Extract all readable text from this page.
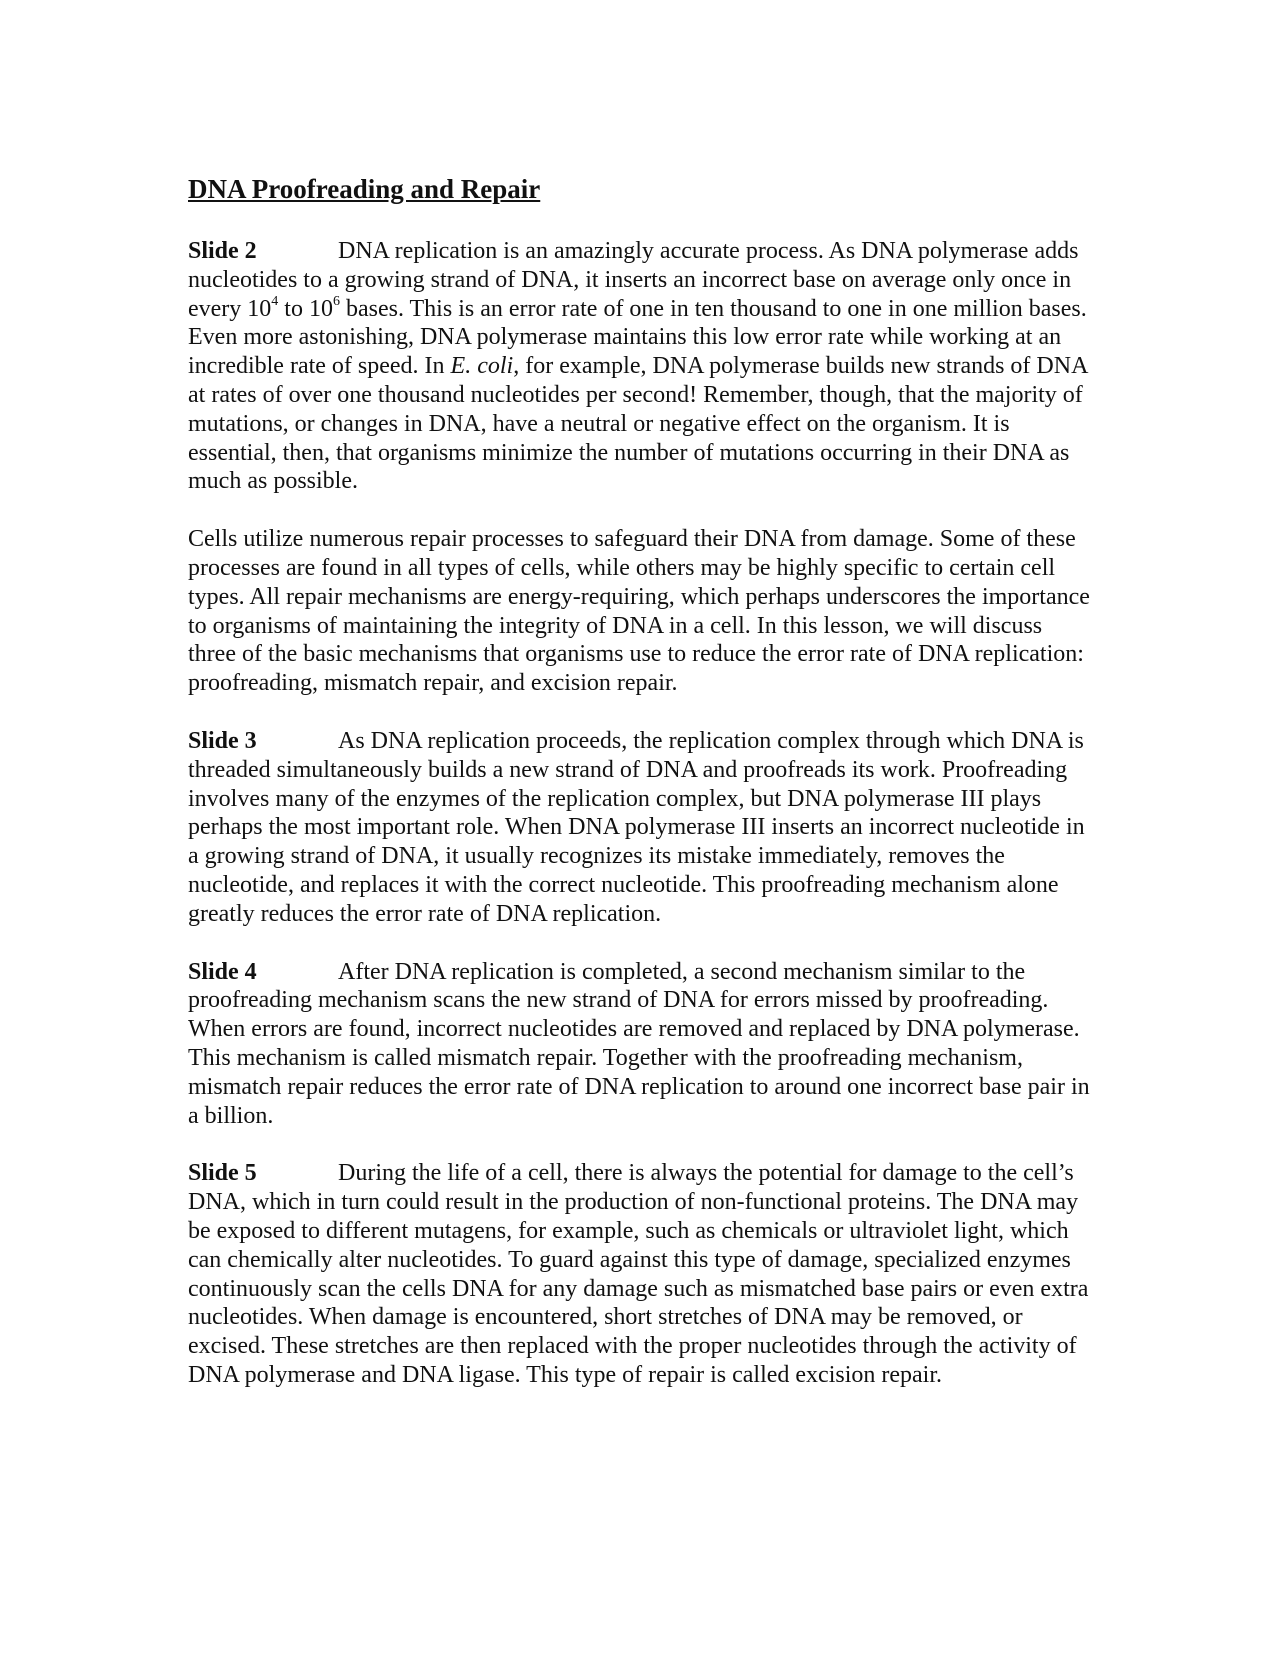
DNA Proofreading and Repair

Slide 2	DNA replication is an amazingly accurate process. As DNA polymerase adds nucleotides to a growing strand of DNA, it inserts an incorrect base on average only once in every $10^4$ to $10^6$ bases. This is an error rate of one in ten thousand to one in one million bases. Even more astonishing, DNA polymerase maintains this low error rate while working at an incredible rate of speed. In E. coli, for example, DNA polymerase builds new strands of DNA at rates of over one thousand nucleotides per second! Remember, though, that the majority of mutations, or changes in DNA, have a neutral or negative effect on the organism. It is essential, then, that organisms minimize the number of mutations occurring in their DNA as much as possible.

Cells utilize numerous repair processes to safeguard their DNA from damage. Some of these processes are found in all types of cells, while others may be highly specific to certain cell types. All repair mechanisms are energy-requiring, which perhaps underscores the importance to organisms of maintaining the integrity of DNA in a cell. In this lesson, we will discuss three of the basic mechanisms that organisms use to reduce the error rate of DNA replication: proofreading, mismatch repair, and excision repair.

Slide 3	As DNA replication proceeds, the replication complex through which DNA is threaded simultaneously builds a new strand of DNA and proofreads its work. Proofreading involves many of the enzymes of the replication complex, but DNA polymerase III plays perhaps the most important role. When DNA polymerase III inserts an incorrect nucleotide in a growing strand of DNA, it usually recognizes its mistake immediately, removes the nucleotide, and replaces it with the correct nucleotide. This proofreading mechanism alone greatly reduces the error rate of DNA replication.

Slide 4	After DNA replication is completed, a second mechanism similar to the proofreading mechanism scans the new strand of DNA for errors missed by proofreading. When errors are found, incorrect nucleotides are removed and replaced by DNA polymerase. This mechanism is called mismatch repair. Together with the proofreading mechanism, mismatch repair reduces the error rate of DNA replication to around one incorrect base pair in a billion.

Slide 5	During the life of a cell, there is always the potential for damage to the cell’s DNA, which in turn could result in the production of non-functional proteins. The DNA may be exposed to different mutagens, for example, such as chemicals or ultraviolet light, which can chemically alter nucleotides. To guard against this type of damage, specialized enzymes continuously scan the cells DNA for any damage such as mismatched base pairs or even extra nucleotides. When damage is encountered, short stretches of DNA may be removed, or excised. These stretches are then replaced with the proper nucleotides through the activity of DNA polymerase and DNA ligase. This type of repair is called excision repair.
